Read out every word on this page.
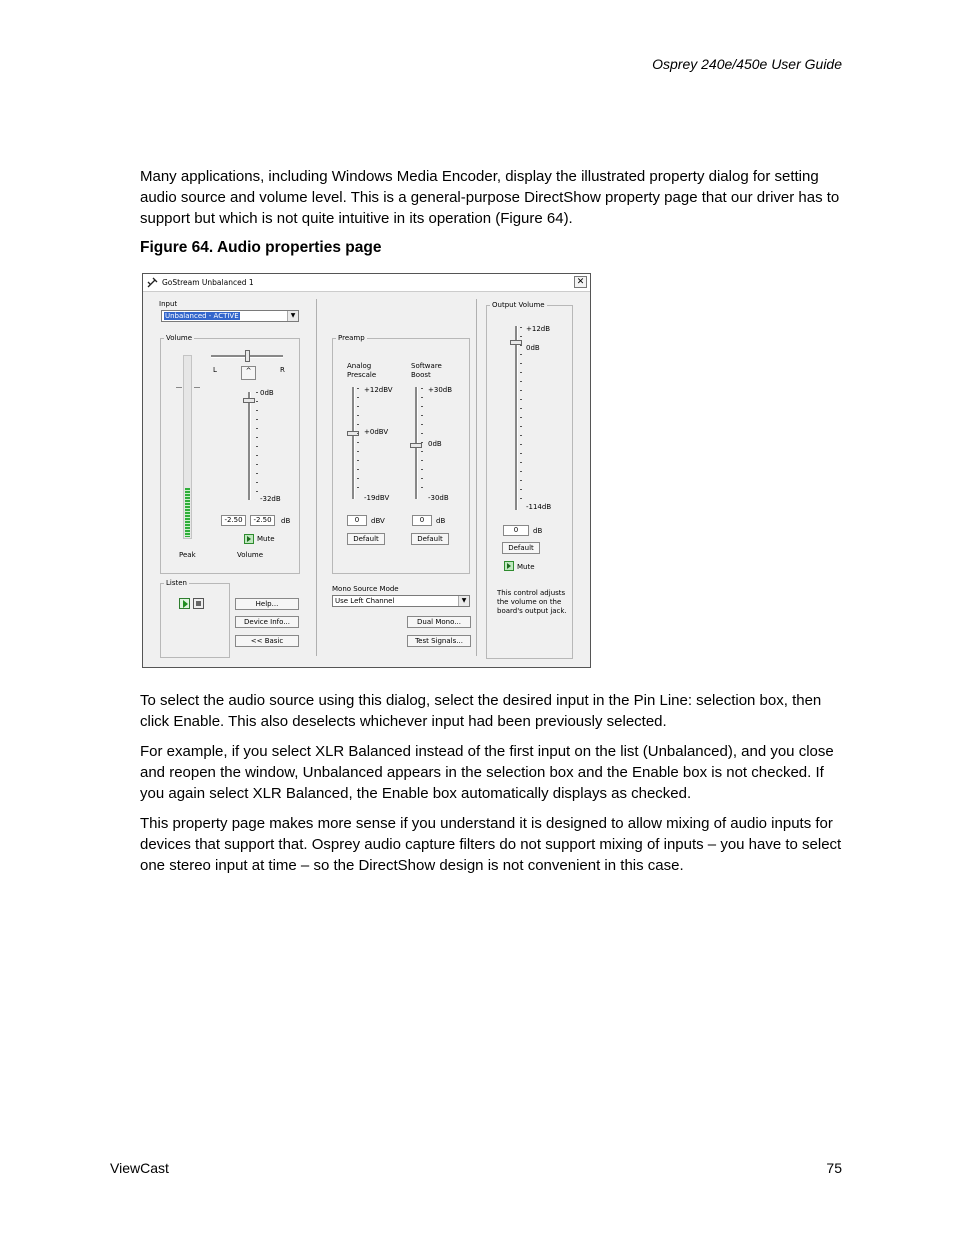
Osprey 240e/450e User Guide

Many applications, including Windows Media Encoder, display the illustrated property dialog for setting audio source and volume level. This is a general-purpose DirectShow property page that our driver has to support but which is not quite intuitive in its operation (Figure 64).

Figure 64. Audio properties page
GoStream Unbalanced 1	✕
Input
Unbalanced - ACTIVE	▼
Volume
L	R
^
0dB
-32dB
-2.50	-2.50	dB
Mute
Peak	Volume
Listen
Help...
Device Info...
<< Basic
Preamp
Analog
Prescale
Software
Boost
+12dBV
+0dBV
-19dBV
+30dB
0dB
-30dB
0	dBV	0	dB
Default	Default
Mono Source Mode
Use Left Channel	▼
Dual Mono...
Test Signals...
Output Volume
+12dB
0dB
-114dB
0	dB
Default
Mute
This control adjusts
the volume on the
board's output jack.

To select the audio source using this dialog, select the desired input in the Pin Line: selection box, then click Enable. This also deselects whichever input had been previously selected.

For example, if you select XLR Balanced instead of the first input on the list (Unbalanced), and you close and reopen the window, Unbalanced appears in the selection box and the Enable box is not checked. If you again select XLR Balanced, the Enable box automatically displays as checked.

This property page makes more sense if you understand it is designed to allow mixing of audio inputs for devices that support that. Osprey audio capture filters do not support mixing of inputs – you have to select one stereo input at time – so the DirectShow design is not convenient in this case.

ViewCast	75
